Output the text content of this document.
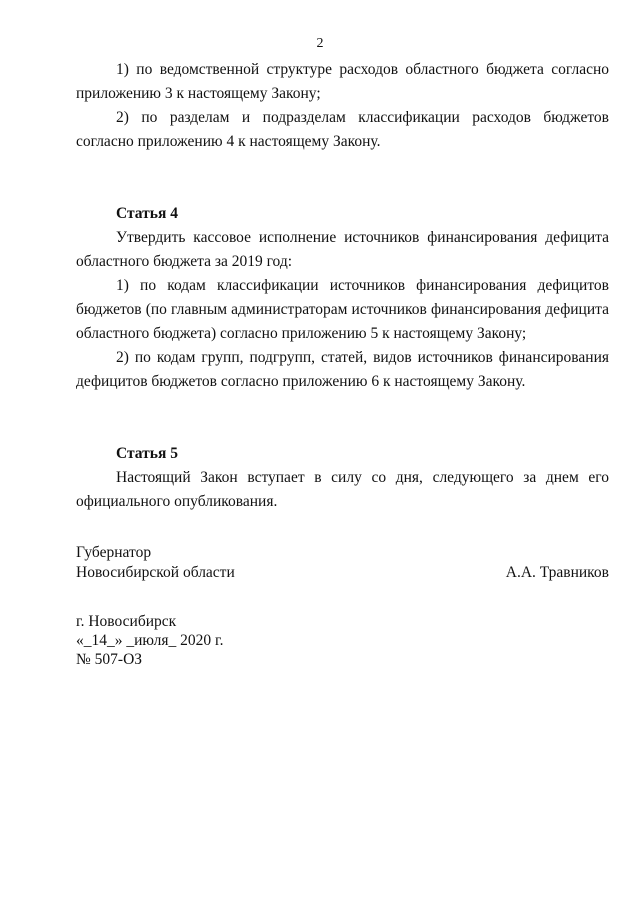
2

1) по ведомственной структуре расходов областного бюджета согласно приложению 3 к настоящему Закону;

2) по разделам и подразделам классификации расходов бюджетов согласно приложению 4 к настоящему Закону.

Статья 4

Утвердить кассовое исполнение источников финансирования дефицита областного бюджета за 2019 год:

1) по кодам классификации источников финансирования дефицитов бюджетов (по главным администраторам источников финансирования дефицита областного бюджета) согласно приложению 5 к настоящему Закону;

2) по кодам групп, подгрупп, статей, видов источников финансирования дефицитов бюджетов согласно приложению 6 к настоящему Закону.

Статья 5

Настоящий Закон вступает в силу со дня, следующего за днем его официального опубликования.

Губернатор
Новосибирской области	А.А. Травников
г. Новосибирск
«_14_» _июля_ 2020 г.
№ 507-ОЗ
